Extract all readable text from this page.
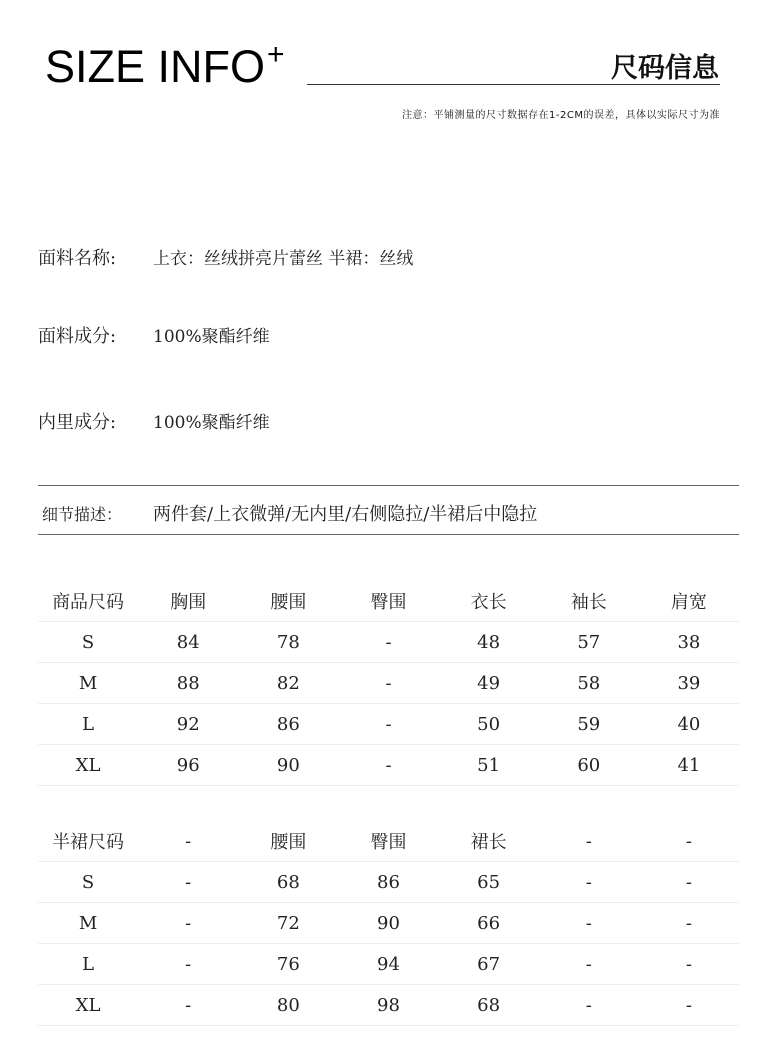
SIZE INFO+	尺码信息
注意：平铺测量的尺寸数据存在1-2CM的误差，具体以实际尺寸为准
面料名称: 上衣：丝绒拼亮片蕾丝 半裙：丝绒
面料成分: 100%聚酯纤维
内里成分: 100%聚酯纤维
细节描述： 两件套/上衣微弹/无内里/右侧隐拉/半裙后中隐拉
商品尺码	胸围	腰围	臀围	衣长	袖长	肩宽
S	84	78	-	48	57	38
M	88	82	-	49	58	39
L	92	86	-	50	59	40
XL	96	90	-	51	60	41
半裙尺码	-	腰围	臀围	裙长	-	-
S	-	68	86	65	-	-
M	-	72	90	66	-	-
L	-	76	94	67	-	-
XL	-	80	98	68	-	-
